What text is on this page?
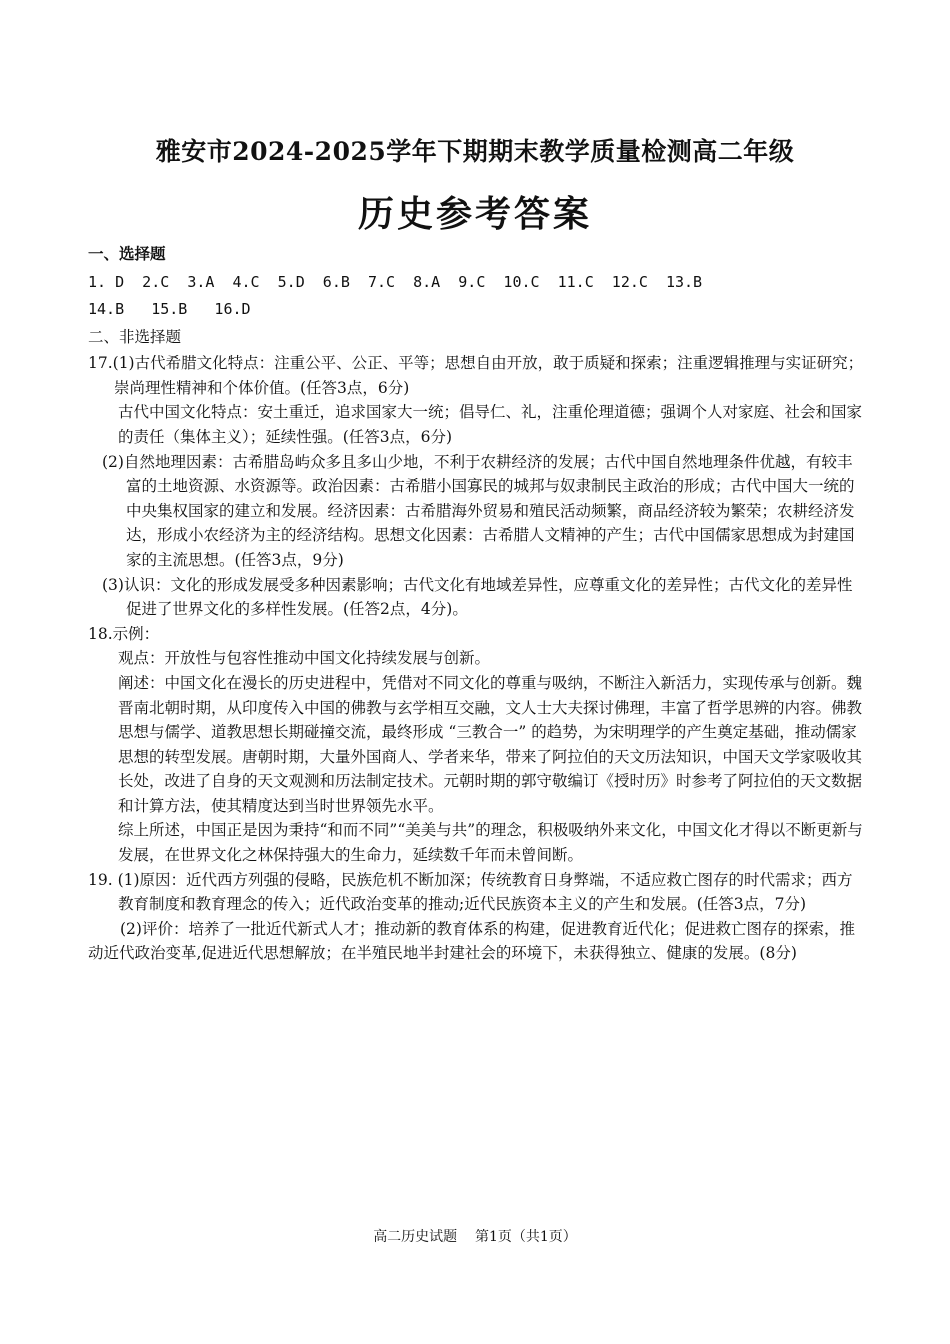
雅安市2024-2025学年下期期末教学质量检测高二年级
历史参考答案

一、选择题

1. D  2.C  3.A  4.C  5.D  6.B  7.C  8.A  9.C  10.C  11.C  12.C  13.B
14.B   15.B   16.D

二、非选择题

17.(1)古代希腊文化特点：注重公平、公正、平等；思想自由开放，敢于质疑和探索；注重逻辑推理与实证研究；崇尚理性精神和个体价值。(任答3点，6分)

古代中国文化特点：安土重迁，追求国家大一统；倡导仁、礼，注重伦理道德；强调个人对家庭、社会和国家的责任（集体主义）；延续性强。(任答3点，6分)

(2)自然地理因素：古希腊岛屿众多且多山少地，不利于农耕经济的发展；古代中国自然地理条件优越，有较丰富的土地资源、水资源等。政治因素：古希腊小国寡民的城邦与奴隶制民主政治的形成；古代中国大一统的中央集权国家的建立和发展。经济因素：古希腊海外贸易和殖民活动频繁，商品经济较为繁荣；农耕经济发达，形成小农经济为主的经济结构。思想文化因素：古希腊人文精神的产生；古代中国儒家思想成为封建国家的主流思想。(任答3点，9分)

(3)认识：文化的形成发展受多种因素影响；古代文化有地域差异性，应尊重文化的差异性；古代文化的差异性促进了世界文化的多样性发展。(任答2点，4分)。

18.示例：

观点：开放性与包容性推动中国文化持续发展与创新。

阐述：中国文化在漫长的历史进程中，凭借对不同文化的尊重与吸纳，不断注入新活力，实现传承与创新。魏晋南北朝时期，从印度传入中国的佛教与玄学相互交融，文人士大夫探讨佛理，丰富了哲学思辨的内容。佛教思想与儒学、道教思想长期碰撞交流，最终形成 “三教合一” 的趋势，为宋明理学的产生奠定基础，推动儒家思想的转型发展。唐朝时期，大量外国商人、学者来华，带来了阿拉伯的天文历法知识，中国天文学家吸收其长处，改进了自身的天文观测和历法制定技术。元朝时期的郭守敬编订《授时历》时参考了阿拉伯的天文数据和计算方法，使其精度达到当时世界领先水平。

综上所述，中国正是因为秉持“和而不同”“美美与共”的理念，积极吸纳外来文化，中国文化才得以不断更新与发展，在世界文化之林保持强大的生命力，延续数千年而未曾间断。

19. (1)原因：近代西方列强的侵略，民族危机不断加深；传统教育日身弊端，不适应救亡图存的时代需求；西方教育制度和教育理念的传入；近代政治变革的推动;近代民族资本主义的产生和发展。(任答3点，7分)

(2)评价：培养了一批近代新式人才；推动新的教育体系的构建，促进教育近代化；促进救亡图存的探索，推动近代政治变革,促进近代思想解放；在半殖民地半封建社会的环境下，未获得独立、健康的发展。(8分)

高二历史试题    第1页（共1页）
